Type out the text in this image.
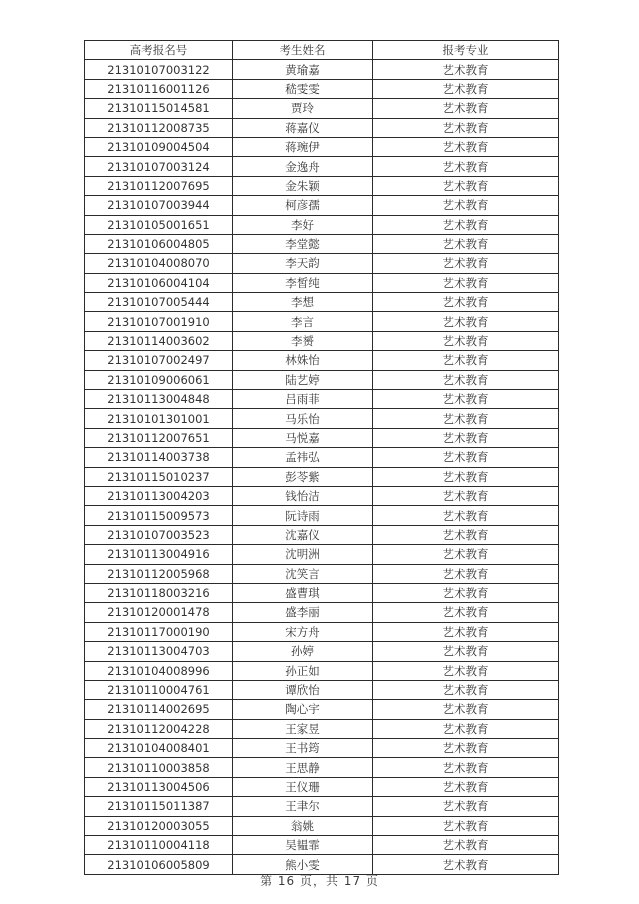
高考报名号	考生姓名	报考专业
21310107003122	黄瑜嘉	艺术教育
21310116001126	嵇雯雯	艺术教育
21310115014581	贾玲	艺术教育
21310112008735	蒋嘉仪	艺术教育
21310109004504	蒋琬伊	艺术教育
21310107003124	金逸舟	艺术教育
21310112007695	金朱颖	艺术教育
21310107003944	柯彦孺	艺术教育
21310105001651	李好	艺术教育
21310106004805	李堂懿	艺术教育
21310104008070	李天韵	艺术教育
21310106004104	李皙纯	艺术教育
21310107005444	李想	艺术教育
21310107001910	李言	艺术教育
21310114003602	李赟	艺术教育
21310107002497	林姝怡	艺术教育
21310109006061	陆艺婷	艺术教育
21310113004848	吕雨菲	艺术教育
21310101301001	马乐怡	艺术教育
21310112007651	马悦嘉	艺术教育
21310114003738	孟祎弘	艺术教育
21310115010237	彭苓紫	艺术教育
21310113004203	钱怡洁	艺术教育
21310115009573	阮诗雨	艺术教育
21310107003523	沈嘉仪	艺术教育
21310113004916	沈明洲	艺术教育
21310112005968	沈笑言	艺术教育
21310118003216	盛曹琪	艺术教育
21310120001478	盛李丽	艺术教育
21310117000190	宋方舟	艺术教育
21310113004703	孙婷	艺术教育
21310104008996	孙正如	艺术教育
21310110004761	谭欣怡	艺术教育
21310114002695	陶心宇	艺术教育
21310112004228	王家昱	艺术教育
21310104008401	王书筠	艺术教育
21310110003858	王思静	艺术教育
21310113004506	王仪珊	艺术教育
21310115011387	王聿尔	艺术教育
21310120003055	翁姚	艺术教育
21310110004118	吴韫霏	艺术教育
21310106005809	熊小雯	艺术教育
第 16 页，共 17 页
